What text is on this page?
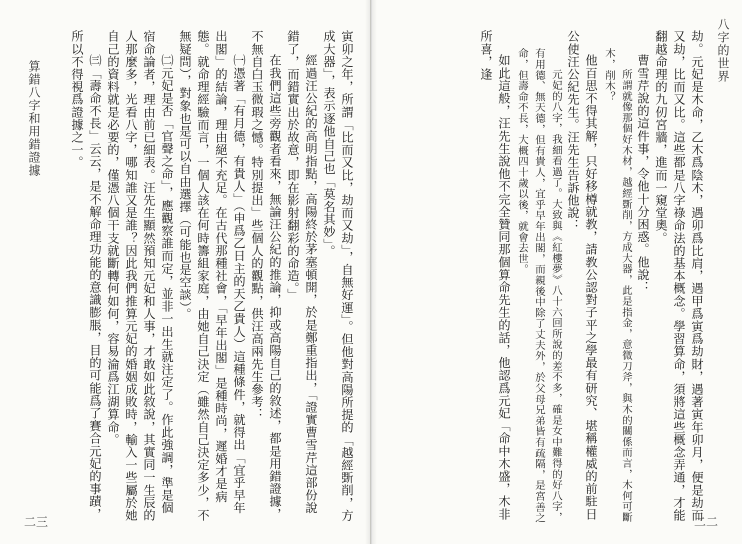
算錯八字和用錯證據	寅卯之年，所謂「比而又比，劫而又劫」，自無好運」。但他對高陽所提的「越經斲削，方成大器」，表示逐他自己也「莫名其妙」。

經過汪公紀的高明指點，高陽終於茅塞頓開，於是鄭重指出，「證實曹雪芹這部份說錯了，而錯實出於故意，即在影射翻彩的命造。」

在我們這些旁觀者看來，無論汪公紀的推論，抑或高陽自己的敘述，都是用錯證據，不無自白玉微瑕之憾。特別提出」些個人的觀點，供汪高兩先生參考：

㈠憑著「有月德，有貴人」（申爲乙日主的天乙貴人）這種條件，就得出「宜乎早年出閣」的結論，理由絕不充足。在古代那種社會，「早年出閣」是種時尚，遲婚才是病態。就命理經驗而言，一個人該在何時籌組家庭，由她自己決定（雖然自己決定多少，不無疑問），對象也是可以自由選擇（可能也是空談）。

㈡元妃是否「官聲之命」，應觀察誰而定，並非一出生就注定了。作此強調，準是個宿命論者，理由前已細表。汪先生顯然預知元妃和人事，才敢如此敘說，其實同一生辰的人那麼多，光看八字，哪知誰又是誰？因此我們推算元妃的婚姻成敗時，輸入一些屬於她自己的資料就是必要的，僅憑八個干支就斷轉何如何，容易淪爲江湖算命。

㈢「壽命不長」云云，是不解命理功能的意識膨脹，目的可能爲了賽合元妃的事蹟，所以不得視爲證據之一。

二三
八字的世界

劫。元妃是木命，乙木爲陰木，遇卯爲比肩，遇甲爲寅爲劫財，遇著寅年卯月，便是劫而又劫，比而又比。這些都是八字祿命法的基本概念。學習算命，須將這些概念弄通，才能翻越命理的九仞宮牆，進而一窺堂奧。

曹雪芹說的這件事，令他十分困惑。他說：

所謂就像那個好木材，越經斲削，方成大器，此是指金，意微刀斧，與木的關係而言，木何可斷木，削木？

他百思不得其解，只好移樽就教，請教公認對子平之學最有研究、堪稱權威的前駐日公使汪公紀先生。汪先生告訴他說：

元妃的八字，我細看過了。大致與《紅樓夢》八十六回所說的差不多，確是女中難得的好八字，有用德、無天德，但有貴人，宜乎早年出閣，而親後中除了丈夫外，於父母兄弟皆有疏隔，是宮善之命，但壽命不長，大概四十歲以後，就會去世。

如此這般，汪先生說他不完全贊同那個算命先生的話，他認爲元妃「命中木盛，木非所喜，逢

二二
